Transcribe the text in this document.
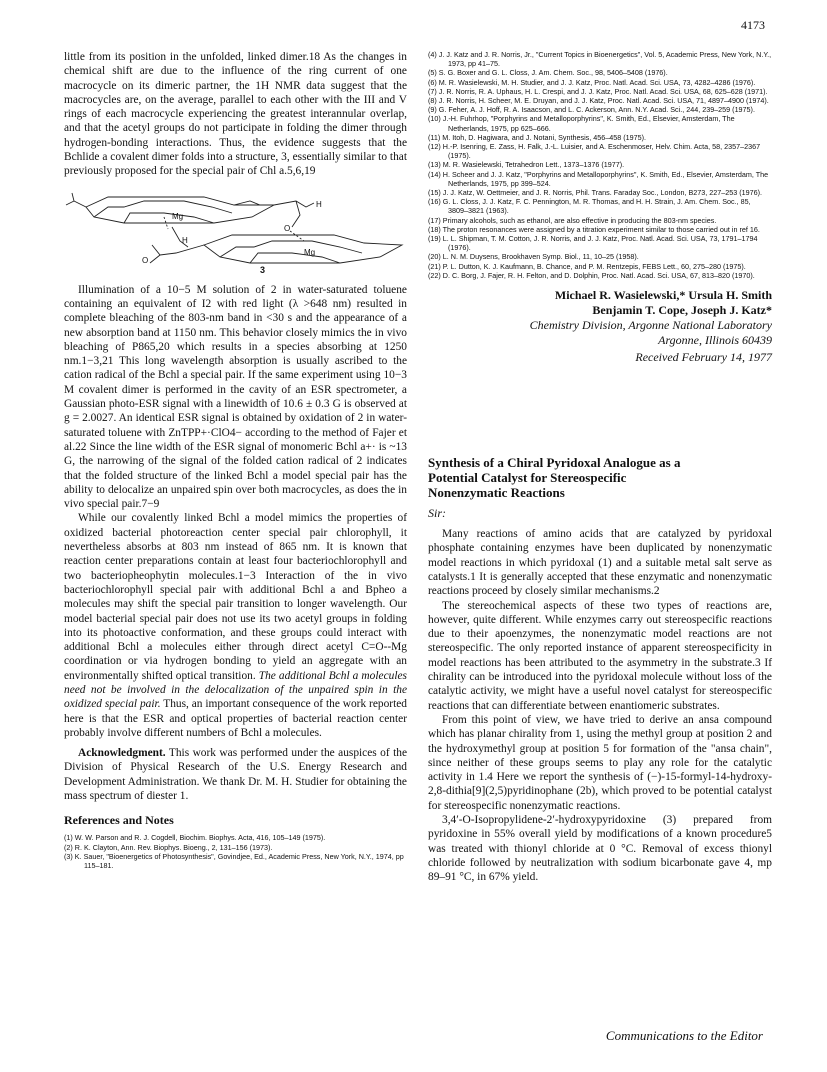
4173

little from its position in the unfolded, linked dimer.18 As the changes in chemical shift are due to the influence of the ring current of one macrocycle on its dimeric partner, the 1H NMR data suggest that the macrocycles are, on the average, parallel to each other with the III and V rings of each macrocycle experiencing the greatest interannular overlap, and that the acetyl groups do not participate in folding the dimer through hydrogen-bonding interactions. Thus, the evidence suggests that the Bchlide a covalent dimer folds into a structure, 3, essentially similar to that previously proposed for the special pair of Chl a.5,6,19

Mg
Mg
H
H
O
O
3

Illumination of a 10−5 M solution of 2 in water-saturated toluene containing an equivalent of I2 with red light (λ >648 nm) resulted in complete bleaching of the 803-nm band in <30 s and the appearance of a new absorption band at 1150 nm. This behavior closely mimics the in vivo bleaching of P865,20 which results in a species absorbing at 1250 nm.1−3,21 This long wavelength absorption is usually ascribed to the cation radical of the Bchl a special pair. If the same experiment using 10−3 M covalent dimer is performed in the cavity of an ESR spectrometer, a Gaussian photo-ESR signal with a linewidth of 10.6 ± 0.3 G is observed at g = 2.0027. An identical ESR signal is obtained by oxidation of 2 in water-saturated toluene with ZnTPP+·ClO4− according to the method of Fajer et al.22 Since the line width of the ESR signal of monomeric Bchl a+· is ~13 G, the narrowing of the signal of the folded cation radical of 2 indicates that the folded structure of the linked Bchl a model special pair has the ability to delocalize an unpaired spin over both macrocycles, as does the in vivo special pair.7−9

While our covalently linked Bchl a model mimics the properties of oxidized bacterial photoreaction center special pair chlorophyll, it nevertheless absorbs at 803 nm instead of 865 nm. It is known that reaction center preparations contain at least four bacteriochlorophyll and two bacteriopheophytin molecules.1−3 Interaction of the in vivo bacteriochlorophyll special pair with additional Bchl a and Bpheo a molecules may shift the special pair transition to longer wavelength. Our model bacterial special pair does not use its two acetyl groups in folding into its photoactive conformation, and these groups could interact with additional Bchl a molecules either through direct acetyl C=O--Mg coordination or via hydrogen bonding to yield an aggregate with an environmentally shifted optical transition. The additional Bchl a molecules need not be involved in the delocalization of the unpaired spin in the oxidized special pair. Thus, an important consequence of the work reported here is that the ESR and optical properties of bacterial reaction center probably involve different numbers of Bchl a molecules.

Acknowledgment. This work was performed under the auspices of the Division of Physical Research of the U.S. Energy Research and Development Administration. We thank Dr. M. H. Studier for obtaining the mass spectrum of diester 1.

References and Notes
(1) W. W. Parson and R. J. Cogdell, Biochim. Biophys. Acta, 416, 105–149 (1975).
(2) R. K. Clayton, Ann. Rev. Biophys. Bioeng., 2, 131–156 (1973).
(3) K. Sauer, "Bioenergetics of Photosynthesis", Govindjee, Ed., Academic Press, New York, N.Y., 1974, pp 115–181.
(4) J. J. Katz and J. R. Norris, Jr., "Current Topics in Bioenergetics", Vol. 5, Academic Press, New York, N.Y., 1973, pp 41–75.
(5) S. G. Boxer and G. L. Closs, J. Am. Chem. Soc., 98, 5406–5408 (1976).
(6) M. R. Wasielewski, M. H. Studier, and J. J. Katz, Proc. Natl. Acad. Sci. USA, 73, 4282–4286 (1976).
(7) J. R. Norris, R. A. Uphaus, H. L. Crespi, and J. J. Katz, Proc. Natl. Acad. Sci. USA, 68, 625–628 (1971).
(8) J. R. Norris, H. Scheer, M. E. Druyan, and J. J. Katz, Proc. Natl. Acad. Sci. USA, 71, 4897–4900 (1974).
(9) G. Feher, A. J. Hoff, R. A. Isaacson, and L. C. Ackerson, Ann. N.Y. Acad. Sci., 244, 239–259 (1975).
(10) J.-H. Fuhrhop, "Porphyrins and Metalloporphyrins", K. Smith, Ed., Elsevier, Amsterdam, The Netherlands, 1975, pp 625–666.
(11) M. Itoh, D. Hagiwara, and J. Notani, Synthesis, 456–458 (1975).
(12) H.-P. Isenring, E. Zass, H. Falk, J.-L. Luisier, and A. Eschenmoser, Helv. Chim. Acta, 58, 2357–2367 (1975).
(13) M. R. Wasielewski, Tetrahedron Lett., 1373–1376 (1977).
(14) H. Scheer and J. J. Katz, "Porphyrins and Metalloporphyrins", K. Smith, Ed., Elsevier, Amsterdam, The Netherlands, 1975, pp 399–524.
(15) J. J. Katz, W. Oettmeier, and J. R. Norris, Phil. Trans. Faraday Soc., London, B273, 227–253 (1976).
(16) G. L. Closs, J. J. Katz, F. C. Pennington, M. R. Thomas, and H. H. Strain, J. Am. Chem. Soc., 85, 3809–3821 (1963).
(17) Primary alcohols, such as ethanol, are also effective in producing the 803-nm species.
(18) The proton resonances were assigned by a titration experiment similar to those carried out in ref 16.
(19) L. L. Shipman, T. M. Cotton, J. R. Norris, and J. J. Katz, Proc. Natl. Acad. Sci. USA, 73, 1791–1794 (1976).
(20) L. N. M. Duysens, Brookhaven Symp. Biol., 11, 10–25 (1958).
(21) P. L. Dutton, K. J. Kaufmann, B. Chance, and P. M. Rentzepis, FEBS Lett., 60, 275–280 (1975).
(22) D. C. Borg, J. Fajer, R. H. Felton, and D. Dolphin, Proc. Natl. Acad. Sci. USA, 67, 813–820 (1970).
Michael R. Wasielewski,* Ursula H. Smith
Benjamin T. Cope, Joseph J. Katz*
Chemistry Division, Argonne National Laboratory
Argonne, Illinois 60439
Received February 14, 1977
Synthesis of a Chiral Pyridoxal Analogue as a Potential Catalyst for Stereospecific Nonenzymatic Reactions
Sir:

Many reactions of amino acids that are catalyzed by pyridoxal phosphate containing enzymes have been duplicated by nonenzymatic model reactions in which pyridoxal (1) and a suitable metal salt serve as catalysts.1 It is generally accepted that these enzymatic and nonenzymatic reactions proceed by closely similar mechanisms.2

The stereochemical aspects of these two types of reactions are, however, quite different. While enzymes carry out stereospecific reactions due to their apoenzymes, the nonenzymatic model reactions are not stereospecific. The only reported instance of apparent stereospecificity in model reactions has been attributed to the asymmetry in the substrate.3 If chirality can be introduced into the pyridoxal molecule without loss of the catalytic activity, we might have a useful novel catalyst for stereospecific reactions that can differentiate between enantiomeric substrates.

From this point of view, we have tried to derive an ansa compound which has planar chirality from 1, using the methyl group at position 2 and the hydroxymethyl group at position 5 for formation of the "ansa chain", since neither of these groups seems to play any role for the catalytic activity in 1.4 Here we report the synthesis of (−)-15-formyl-14-hydroxy-2,8-dithia[9](2,5)pyridinophane (2b), which proved to be potential catalyst for stereospecific nonenzymatic reactions.

3,4′-O-Isopropylidene-2′-hydroxypyridoxine (3) prepared from pyridoxine in 55% overall yield by modifications of a known procedure5 was treated with thionyl chloride at 0 °C. Removal of excess thionyl chloride followed by neutralization with sodium bicarbonate gave 4, mp 89–91 °C, in 67% yield.

Communications to the Editor
